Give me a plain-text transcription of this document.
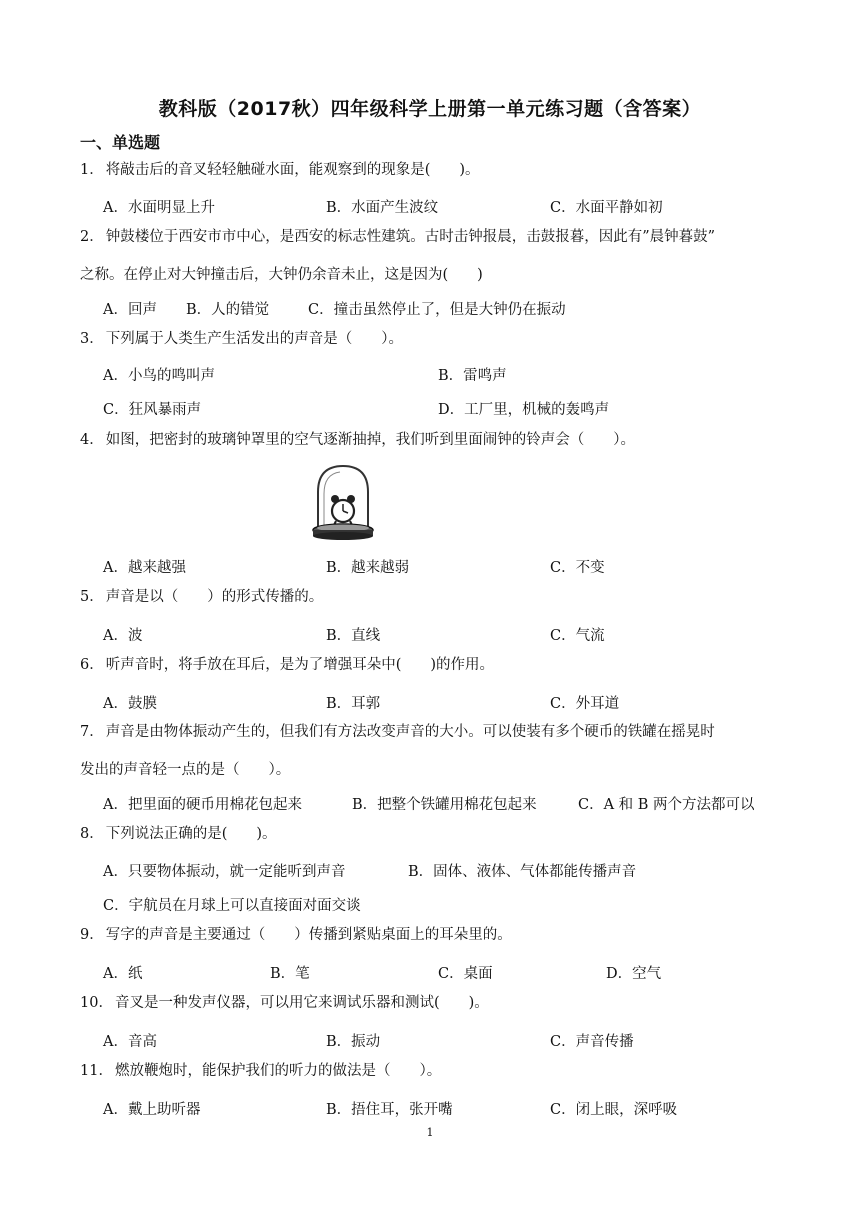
教科版（2017秋）四年级科学上册第一单元练习题（含答案）
一、单选题
1． 将敲击后的音叉轻轻触碰水面，能观察到的现象是(　　)。
A．水面明显上升	B．水面产生波纹	C．水面平静如初
2． 钟鼓楼位于西安市市中心，是西安的标志性建筑。古时击钟报晨，击鼓报暮，因此有”晨钟暮鼓”
之称。在停止对大钟撞击后，大钟仍余音未止，这是因为(　　)
A．回声 B．人的错觉	C．撞击虽然停止了，但是大钟仍在振动
3． 下列属于人类生产生活发出的声音是（　　）。
A．小鸟的鸣叫声	B．雷鸣声
C．狂风暴雨声	D．工厂里，机械的轰鸣声
4． 如图，把密封的玻璃钟罩里的空气逐渐抽掉，我们听到里面闹钟的铃声会（　　）。
A．越来越强	B．越来越弱	C．不变
5． 声音是以（　　）的形式传播的。
A．波	B．直线	C．气流
6． 听声音时，将手放在耳后，是为了增强耳朵中(　　)的作用。
A．鼓膜	B．耳郭	C．外耳道
7． 声音是由物体振动产生的，但我们有方法改变声音的大小。可以使装有多个硬币的铁罐在摇晃时
发出的声音轻一点的是（　　）。
A．把里面的硬币用棉花包起来	B．把整个铁罐用棉花包起来	C．A 和 B 两个方法都可以
8． 下列说法正确的是(　　)。
A．只要物体振动，就一定能听到声音	B．固体、液体、气体都能传播声音
C．宇航员在月球上可以直接面对面交谈
9． 写字的声音是主要通过（　　）传播到紧贴桌面上的耳朵里的。
A．纸	B．笔	C．桌面	D．空气
10． 音叉是一种发声仪器，可以用它来调试乐器和测试(　　)。
A．音高	B．振动	C．声音传播
11． 燃放鞭炮时，能保护我们的听力的做法是（　　）。
A．戴上助听器	B．捂住耳，张开嘴	C．闭上眼，深呼吸
1
